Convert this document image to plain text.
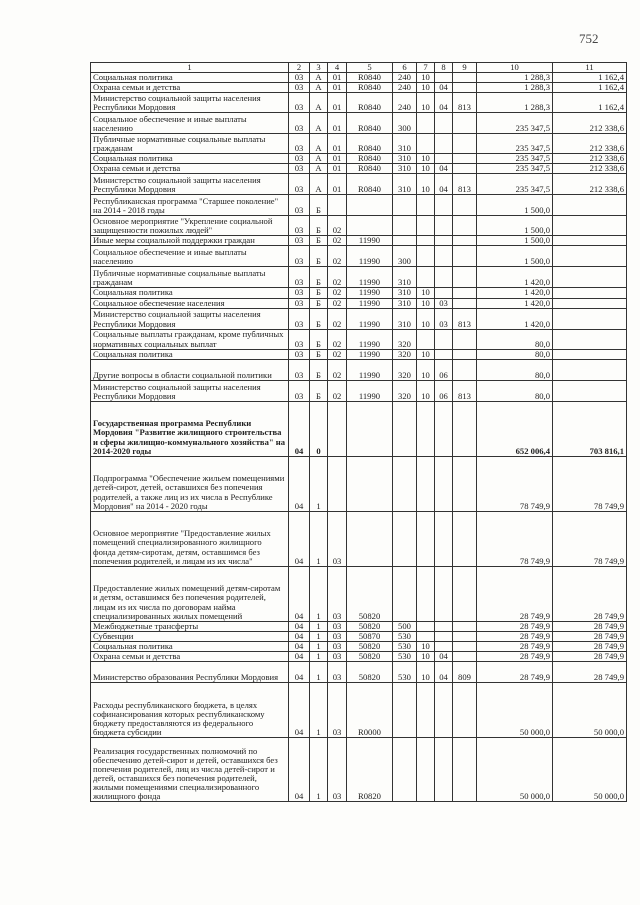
752
1	2	3	4	5	6	7	8	9	10	11
Социальная политика	03	А	01	R0840	240	10			1 288,3	1 162,4
Охрана семьи и детства	03	А	01	R0840	240	10	04		1 288,3	1 162,4
Министерство социальной защиты населения Республики Мордовия	03	А	01	R0840	240	10	04	813	1 288,3	1 162,4
Социальное обеспечение и иные выплаты населению	03	А	01	R0840	300				235 347,5	212 338,6
Публичные нормативные социальные выплаты гражданам	03	А	01	R0840	310				235 347,5	212 338,6
Социальная политика	03	А	01	R0840	310	10			235 347,5	212 338,6
Охрана семьи и детства	03	А	01	R0840	310	10	04		235 347,5	212 338,6
Министерство социальной защиты населения Республики Мордовия	03	А	01	R0840	310	10	04	813	235 347,5	212 338,6
Республиканская программа "Старшее поколение" на 2014 - 2018 годы	03	Б							1 500,0	
Основное мероприятие "Укрепление социальной защищенности пожилых людей"	03	Б	02						1 500,0	
Иные меры социальной поддержки граждан	03	Б	02	11990					1 500,0	
Социальное обеспечение и иные выплаты населению	03	Б	02	11990	300				1 500,0	
Публичные нормативные социальные выплаты гражданам	03	Б	02	11990	310				1 420,0	
Социальная политика	03	Б	02	11990	310	10			1 420,0	
Социальное обеспечение населения	03	Б	02	11990	310	10	03		1 420,0	
Министерство социальной защиты населения Республики Мордовия	03	Б	02	11990	310	10	03	813	1 420,0	
Социальные выплаты гражданам, кроме публичных нормативных социальных выплат	03	Б	02	11990	320				80,0	
Социальная политика	03	Б	02	11990	320	10			80,0	
Другие вопросы в области социальной политики	03	Б	02	11990	320	10	06		80,0	
Министерство социальной защиты населения Республики Мордовия	03	Б	02	11990	320	10	06	813	80,0	
Государственная программа Республики Мордовия "Развитие жилищного строительства и сферы жилищно-коммунального хозяйства" на 2014-2020 годы	04	0							652 006,4	703 816,1
Подпрограмма "Обеспечение жильем помещениями детей-сирот, детей, оставшихся без попечения родителей, а также лиц из их числа в Республике Мордовия" на 2014 - 2020 годы	04	1							78 749,9	78 749,9
Основное мероприятие "Предоставление жилых помещений специализированного жилищного фонда детям-сиротам, детям, оставшимся без попечения родителей, и лицам из их числа"	04	1	03						78 749,9	78 749,9
Предоставление жилых помещений детям-сиротам и детям, оставшимся без попечения родителей, лицам из их числа по договорам найма специализированных жилых помещений	04	1	03	50820					28 749,9	28 749,9
Межбюджетные трансферты	04	1	03	50820	500				28 749,9	28 749,9
Субвенции	04	1	03	50870	530				28 749,9	28 749,9
Социальная политика	04	1	03	50820	530	10			28 749,9	28 749,9
Охрана семьи и детства	04	1	03	50820	530	10	04		28 749,9	28 749,9
Министерство образования Республики Мордовия	04	1	03	50820	530	10	04	809	28 749,9	28 749,9
Расходы республиканского бюджета, в целях софинансирования которых республиканскому бюджету предоставляются из федерального бюджета субсидии	04	1	03	R0000					50 000,0	50 000,0
Реализация государственных полномочий по обеспечению детей-сирот и детей, оставшихся без попечения родителей, лиц из числа детей-сирот и детей, оставшихся без попечения родителей, жилыми помещениями специализированного жилищного фонда	04	1	03	R0820					50 000,0	50 000,0
